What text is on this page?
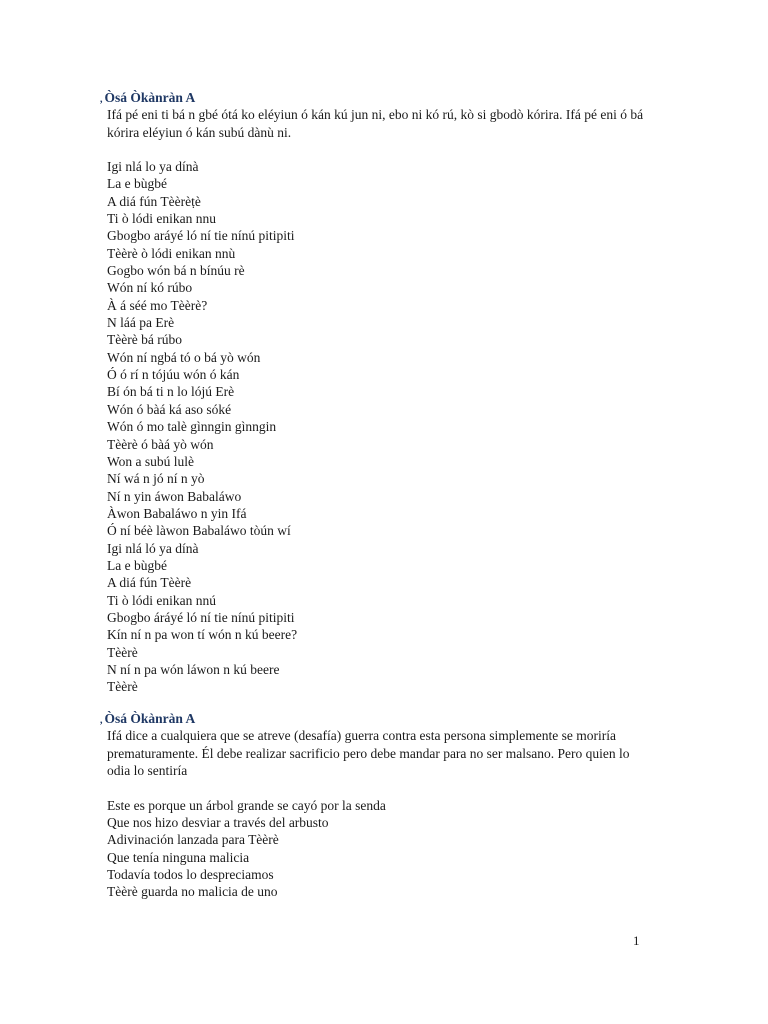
, Òsá Òkànràn A
Ifá pé eni ti bá n gbé ótá ko eléyiun ó kán kú jun ni, ebo ni kó rú, kò si gbodò kórira. Ifá pé eni ó bá kórira eléyiun ó kán subú dànù ni.
Igi nlá lo ya dínà
La e bùgbé
A diá fún Tèèrèṭè
Ti ò lódi enikan nnu
Gbogbo aráyé ló ní tie nínú pitipiti
Tèèrè ò lódi enikan nnù
Gogbo wón bá n bínúu rè
Wón ní kó rúbo
À á séé mo Tèèrè?
N láá pa Erè
Tèèrè bá rúbo
Wón ní ngbá tó o bá yò wón
Ó ó rí n tójúu wón ó kán
Bí ón bá ti n lo lójú Erè
Wón ó bàá ká aso sóké
Wón ó mo talè gìnngin gìnngin
Tèèrè ó bàá yò wón
Won a subú lulè
Ní wá n jó ní n yò
Ní n yin áwon Babaláwo
Àwon Babaláwo n yin Ifá
Ó ní béè làwon Babaláwo tòún wí
Igi nlá ló ya dínà
La e bùgbé
A diá fún Tèèrè
Ti ò lódi enikan nnú
Gbogbo áráyé ló ní tie nínú pitipiti
Kín ní n pa won tí wón n kú beere?
Tèèrè
N ní n pa wón láwon n kú beere
Tèèrè
, Òsá Òkànràn A
Ifá dice a cualquiera que se atreve (desafía) guerra contra esta persona simplemente se moriría prematuramente. Él debe realizar sacrificio pero debe mandar para no ser malsano. Pero quien lo odia lo sentiría
Este es porque un árbol grande se cayó por la senda
Que nos hizo desviar a través del arbusto
Adivinación lanzada para Tèèrè
Que tenía ninguna malicia
Todavía todos lo despreciamos
Tèèrè guarda no malicia de uno
1
